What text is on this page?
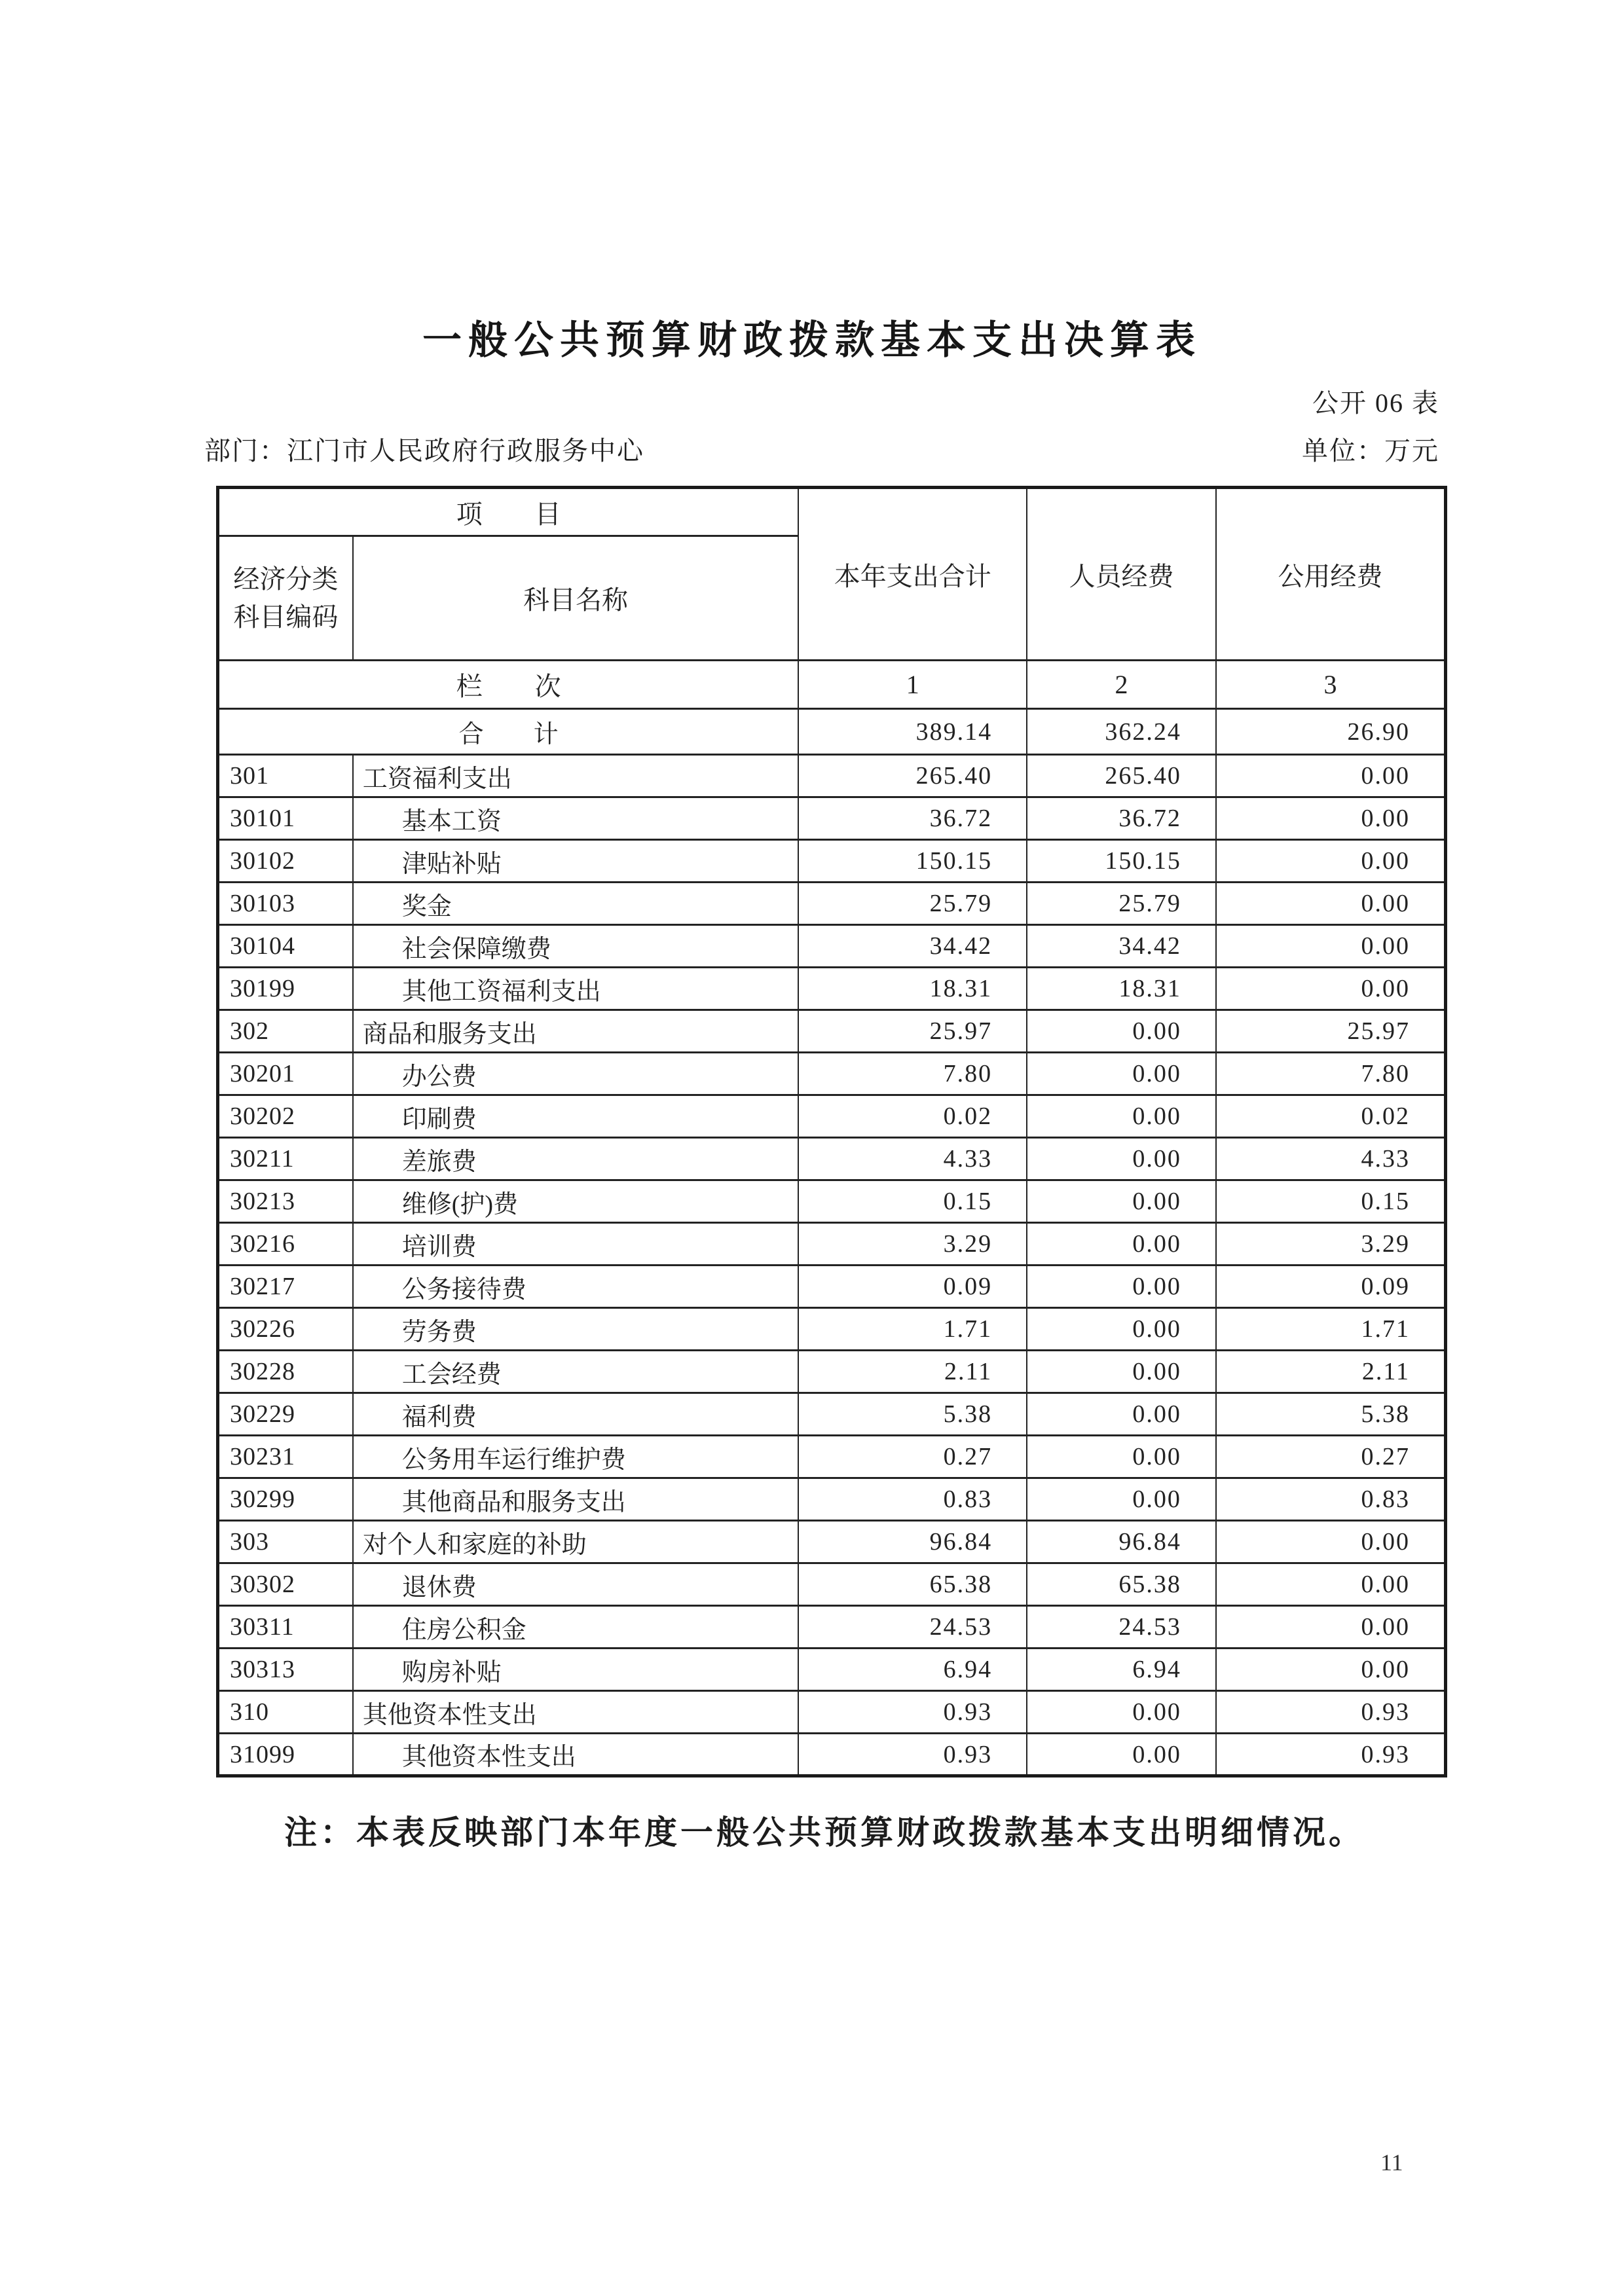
一般公共预算财政拨款基本支出决算表
公开 06 表
部门：江门市人民政府行政服务中心	单位：万元
项　　目		本年支出合计	人员经费	公用经费
经济分类科目编码	科目名称			
栏　　次		1	2	3
合　　计		389.14	362.24	26.90
301	工资福利支出	265.40	265.40	0.00
30101	基本工资	36.72	36.72	0.00
30102	津贴补贴	150.15	150.15	0.00
30103	奖金	25.79	25.79	0.00
30104	社会保障缴费	34.42	34.42	0.00
30199	其他工资福利支出	18.31	18.31	0.00
302	商品和服务支出	25.97	0.00	25.97
30201	办公费	7.80	0.00	7.80
30202	印刷费	0.02	0.00	0.02
30211	差旅费	4.33	0.00	4.33
30213	维修(护)费	0.15	0.00	0.15
30216	培训费	3.29	0.00	3.29
30217	公务接待费	0.09	0.00	0.09
30226	劳务费	1.71	0.00	1.71
30228	工会经费	2.11	0.00	2.11
30229	福利费	5.38	0.00	5.38
30231	公务用车运行维护费	0.27	0.00	0.27
30299	其他商品和服务支出	0.83	0.00	0.83
303	对个人和家庭的补助	96.84	96.84	0.00
30302	退休费	65.38	65.38	0.00
30311	住房公积金	24.53	24.53	0.00
30313	购房补贴	6.94	6.94	0.00
310	其他资本性支出	0.93	0.00	0.93
31099	其他资本性支出	0.93	0.00	0.93
注：本表反映部门本年度一般公共预算财政拨款基本支出明细情况。
11
